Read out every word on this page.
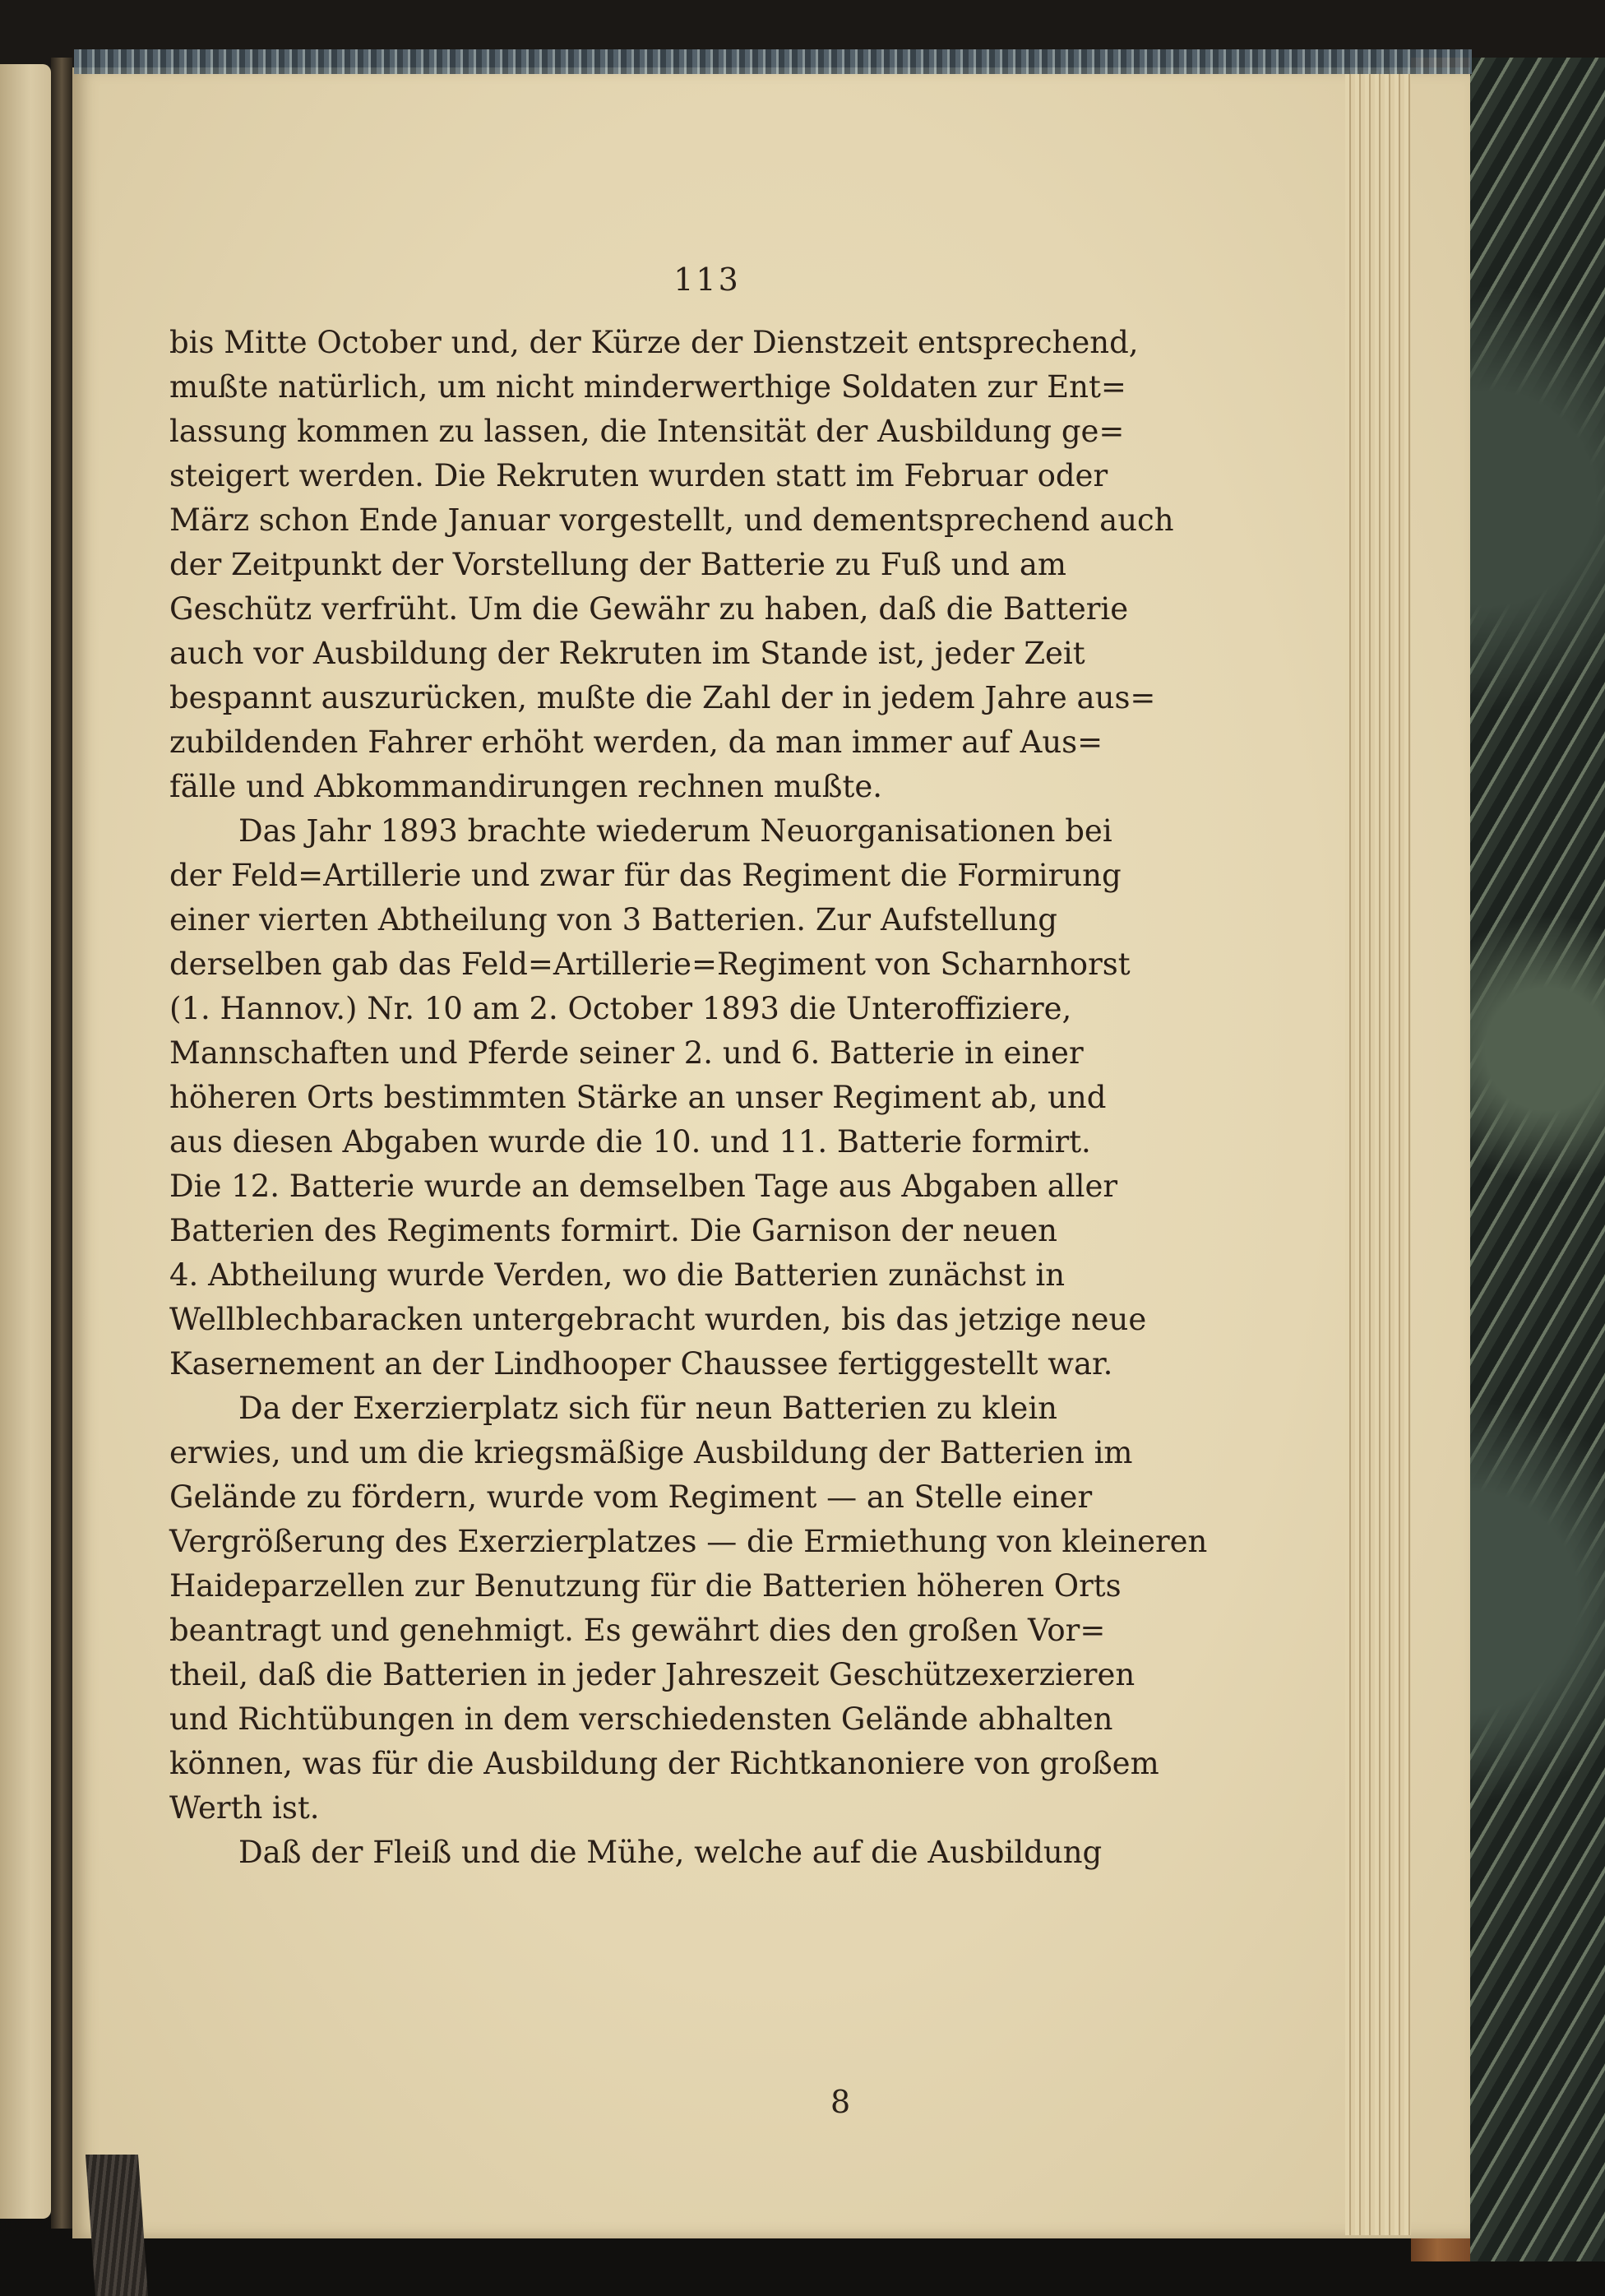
113
bis Mitte October und, der Kürze der Dienstzeit entsprechend,
mußte natürlich, um nicht minderwerthige Soldaten zur Ent=
lassung kommen zu lassen, die Intensität der Ausbildung ge=
steigert werden. Die Rekruten wurden statt im Februar oder
März schon Ende Januar vorgestellt, und dementsprechend auch
der Zeitpunkt der Vorstellung der Batterie zu Fuß und am
Geschütz verfrüht. Um die Gewähr zu haben, daß die Batterie
auch vor Ausbildung der Rekruten im Stande ist, jeder Zeit
bespannt auszurücken, mußte die Zahl der in jedem Jahre aus=
zubildenden Fahrer erhöht werden, da man immer auf Aus=
fälle und Abkommandirungen rechnen mußte.
Das Jahr 1893 brachte wiederum Neuorganisationen bei
der Feld=Artillerie und zwar für das Regiment die Formirung
einer vierten Abtheilung von 3 Batterien. Zur Aufstellung
derselben gab das Feld=Artillerie=Regiment von Scharnhorst
(1. Hannov.) Nr. 10 am 2. October 1893 die Unteroffiziere,
Mannschaften und Pferde seiner 2. und 6. Batterie in einer
höheren Orts bestimmten Stärke an unser Regiment ab, und
aus diesen Abgaben wurde die 10. und 11. Batterie formirt.
Die 12. Batterie wurde an demselben Tage aus Abgaben aller
Batterien des Regiments formirt. Die Garnison der neuen
4. Abtheilung wurde Verden, wo die Batterien zunächst in
Wellblechbaracken untergebracht wurden, bis das jetzige neue
Kasernement an der Lindhooper Chaussee fertiggestellt war.
Da der Exerzierplatz sich für neun Batterien zu klein
erwies, und um die kriegsmäßige Ausbildung der Batterien im
Gelände zu fördern, wurde vom Regiment — an Stelle einer
Vergrößerung des Exerzierplatzes — die Ermiethung von kleineren
Haideparzellen zur Benutzung für die Batterien höheren Orts
beantragt und genehmigt. Es gewährt dies den großen Vor=
theil, daß die Batterien in jeder Jahreszeit Geschützexerzieren
und Richtübungen in dem verschiedensten Gelände abhalten
können, was für die Ausbildung der Richtkanoniere von großem
Werth ist.
Daß der Fleiß und die Mühe, welche auf die Ausbildung
8
